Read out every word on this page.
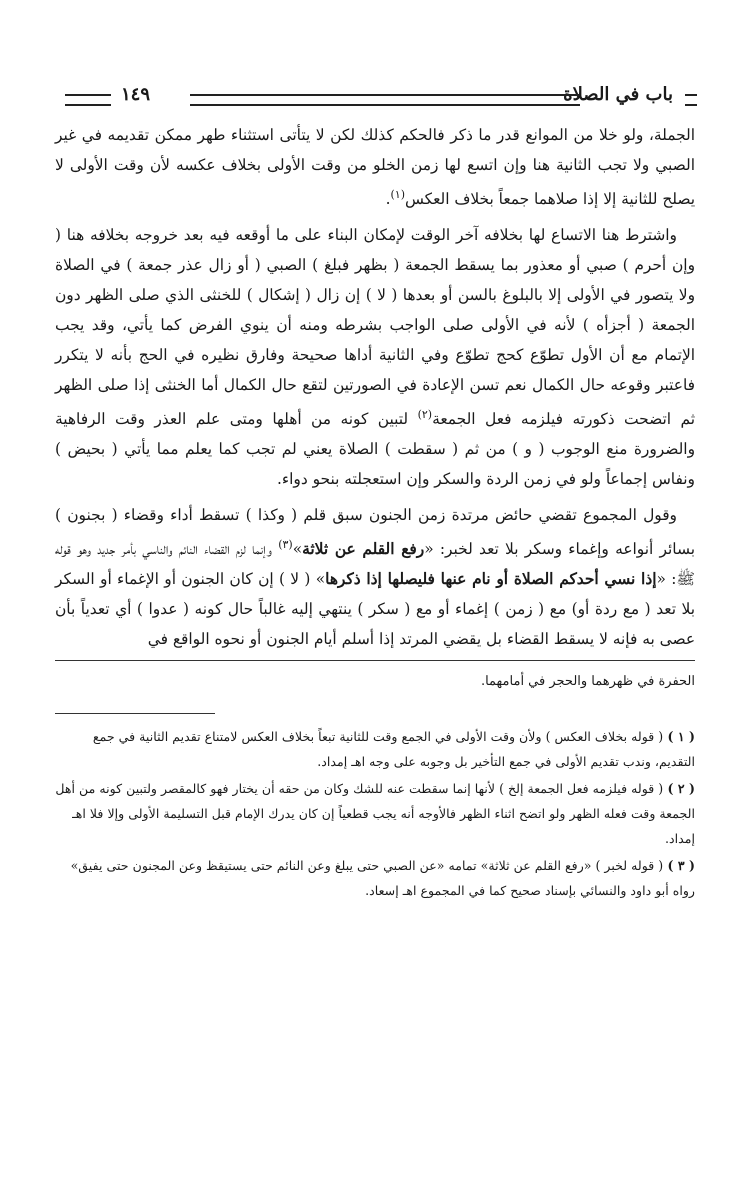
باب في الصلاة
١٤٩

الجملة، ولو خلا من الموانع قدر ما ذكر فالحكم كذلك لكن لا يتأتى استثناء طهر ممكن تقديمه في غير الصبي ولا تجب الثانية هنا وإن اتسع لها زمن الخلو من وقت الأولى بخلاف عكسه لأن وقت الأولى لا يصلح للثانية إلا إذا صلاهما جمعاً بخلاف العكس$^{(١)}$.

واشترط هنا الاتساع لها بخلافه آخر الوقت لإمكان البناء على ما أوقعه فيه بعد خروجه بخلافه هنا ( وإن أحرم ) صبي أو معذور بما يسقط الجمعة ( بظهر فبلغ ) الصبي ( أو زال عذر جمعة ) في الصلاة ولا يتصور في الأولى إلا بالبلوغ بالسن أو بعدها ( لا ) إن زال ( إشكال ) للخنثى الذي صلى الظهر دون الجمعة ( أجزأه ) لأنه في الأولى صلى الواجب بشرطه ومنه أن ينوي الفرض كما يأتي، وقد يجب الإتمام مع أن الأول تطوّع كحج تطوّع وفي الثانية أداها صحيحة وفارق نظيره في الحج بأنه لا يتكرر فاعتبر وقوعه حال الكمال نعم تسن الإعادة في الصورتين لتقع حال الكمال أما الخنثى إذا صلى الظهر ثم اتضحت ذكورته فيلزمه فعل الجمعة$^{(٢)}$ لتبين كونه من أهلها ومتى علم العذر وقت الرفاهية والضرورة منع الوجوب ( و ) من ثم ( سقطت ) الصلاة يعني لم تجب كما يعلم مما يأتي ( بحيض ) ونفاس إجماعاً ولو في زمن الردة والسكر وإن استعجلته بنحو دواء.

وقول المجموع تقضي حائض مرتدة زمن الجنون سبق قلم ( وكذا ) تسقط أداء وقضاء ( بجنون ) بسائر أنواعه وإغماء وسكر بلا تعد لخبر: «رفع القلم عن ثلاثة»$^{(٣)}$ وإنما لزم القضاء النائم والناسي بأمر جديد وهو قوله ﷺ: «إذا نسي أحدكم الصلاة أو نام عنها فليصلها إذا ذكرها» ( لا ) إن كان الجنون أو الإغماء أو السكر بلا تعد ( مع ردة أو) مع ( زمن ) إغماء أو مع ( سكر ) ينتهي إليه غالباً حال كونه ( عدوا ) أي تعدياً بأن عصى به فإنه لا يسقط القضاء بل يقضي المرتد إذا أسلم أيام الجنون أو نحوه الواقع في

الحفرة في ظهرهما والحجر في أمامهما.
( ١ ) ( قوله بخلاف العكس ) ولأن وقت الأولى في الجمع وقت للثانية تبعاً بخلاف العكس لامتناع تقديم الثانية في جمع التقديم، وندب تقديم الأولى في جمع التأخير بل وجوبه على وجه اهـ إمداد.
( ٢ ) ( قوله فيلزمه فعل الجمعة إلخ ) لأنها إنما سقطت عنه للشك وكان من حقه أن يختار فهو كالمقصر ولتبين كونه من أهل الجمعة وقت فعله الظهر ولو اتضح اثناء الظهر فالأوجه أنه يجب قطعياً إن كان يدرك الإمام قبل التسليمة الأولى وإلا فلا اهـ إمداد.
( ٣ ) ( قوله لخبر ) «رفع القلم عن ثلاثة» تمامه «عن الصبي حتى يبلغ وعن النائم حتى يستيقظ وعن المجنون حتى يفيق» رواه أبو داود والنسائي بإسناد صحيح كما في المجموع اهـ إسعاد.
